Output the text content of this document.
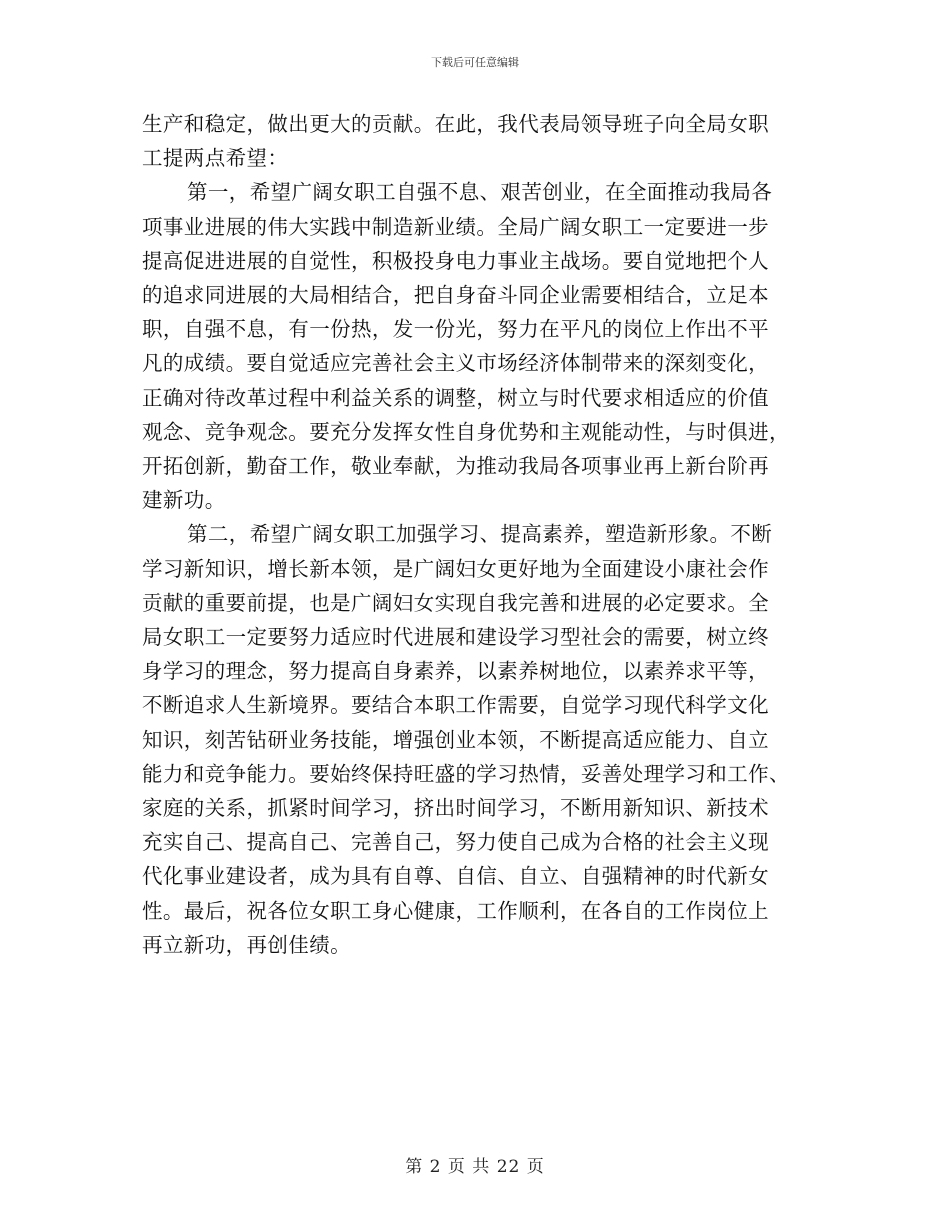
下载后可任意编辑
生产和稳定，做出更大的贡献。在此，我代表局领导班子向全局女职
工提两点希望：
第一，希望广阔女职工自强不息、艰苦创业，在全面推动我局各
项事业进展的伟大实践中制造新业绩。全局广阔女职工一定要进一步
提高促进进展的自觉性，积极投身电力事业主战场。要自觉地把个人
的追求同进展的大局相结合，把自身奋斗同企业需要相结合，立足本
职，自强不息，有一份热，发一份光，努力在平凡的岗位上作出不平
凡的成绩。要自觉适应完善社会主义市场经济体制带来的深刻变化，
正确对待改革过程中利益关系的调整，树立与时代要求相适应的价值
观念、竞争观念。要充分发挥女性自身优势和主观能动性，与时俱进，
开拓创新，勤奋工作，敬业奉献，为推动我局各项事业再上新台阶再
建新功。
第二，希望广阔女职工加强学习、提高素养，塑造新形象。不断
学习新知识，增长新本领，是广阔妇女更好地为全面建设小康社会作
贡献的重要前提，也是广阔妇女实现自我完善和进展的必定要求。全
局女职工一定要努力适应时代进展和建设学习型社会的需要，树立终
身学习的理念，努力提高自身素养，以素养树地位，以素养求平等，
不断追求人生新境界。要结合本职工作需要，自觉学习现代科学文化
知识，刻苦钻研业务技能，增强创业本领，不断提高适应能力、自立
能力和竞争能力。要始终保持旺盛的学习热情，妥善处理学习和工作、
家庭的关系，抓紧时间学习，挤出时间学习，不断用新知识、新技术
充实自己、提高自己、完善自己，努力使自己成为合格的社会主义现
代化事业建设者，成为具有自尊、自信、自立、自强精神的时代新女
性。最后，祝各位女职工身心健康，工作顺利，在各自的工作岗位上
再立新功，再创佳绩。
第 2 页 共 22 页
